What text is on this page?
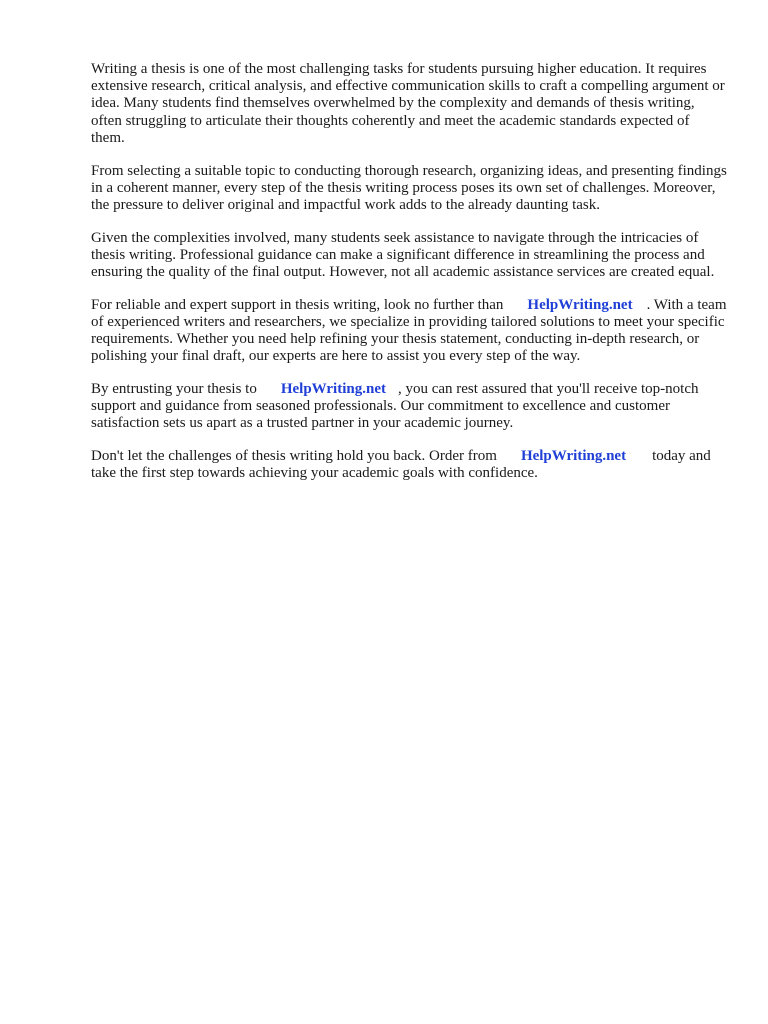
Writing a thesis is one of the most challenging tasks for students pursuing higher education. It requires extensive research, critical analysis, and effective communication skills to craft a compelling argument or idea. Many students find themselves overwhelmed by the complexity and demands of thesis writing, often struggling to articulate their thoughts coherently and meet the academic standards expected of them.

From selecting a suitable topic to conducting thorough research, organizing ideas, and presenting findings in a coherent manner, every step of the thesis writing process poses its own set of challenges. Moreover, the pressure to deliver original and impactful work adds to the already daunting task.

Given the complexities involved, many students seek assistance to navigate through the intricacies of thesis writing. Professional guidance can make a significant difference in streamlining the process and ensuring the quality of the final output. However, not all academic assistance services are created equal.

For reliable and expert support in thesis writing, look no further than HelpWriting.net . With a team of experienced writers and researchers, we specialize in providing tailored solutions to meet your specific requirements. Whether you need help refining your thesis statement, conducting in-depth research, or polishing your final draft, our experts are here to assist you every step of the way.

By entrusting your thesis to HelpWriting.net , you can rest assured that you'll receive top-notch support and guidance from seasoned professionals. Our commitment to excellence and customer satisfaction sets us apart as a trusted partner in your academic journey.

Don't let the challenges of thesis writing hold you back. Order from HelpWriting.net today and take the first step towards achieving your academic goals with confidence.
